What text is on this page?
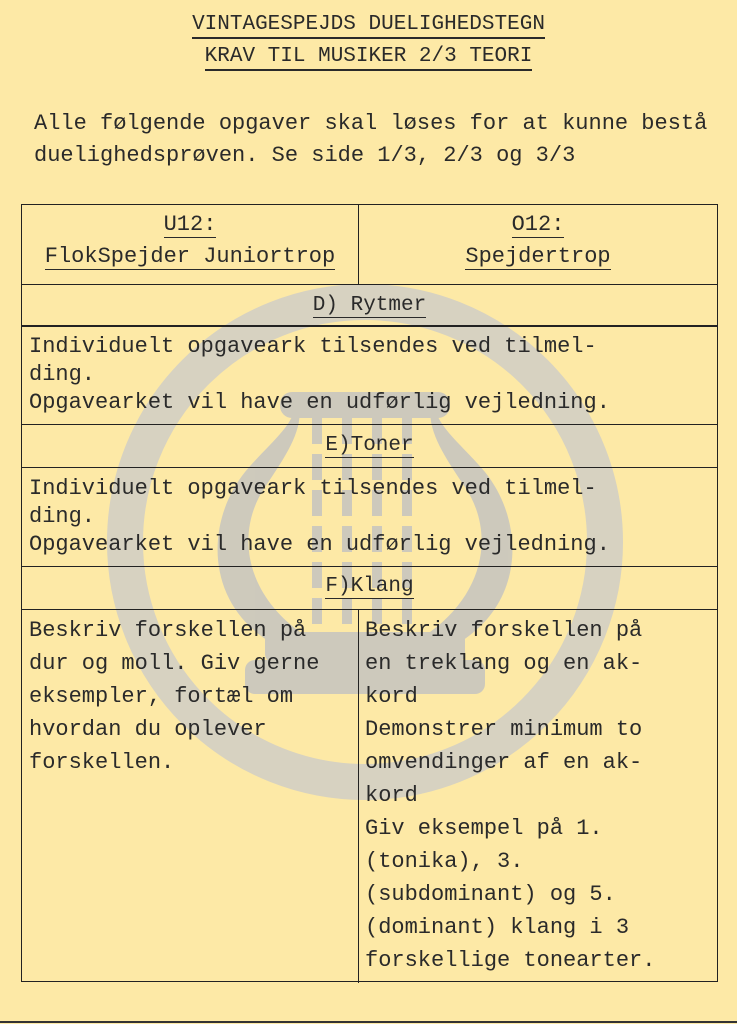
VINTAGESPEJDS DUELIGHEDSTEGN
KRAV TIL MUSIKER 2/3 TEORI
Alle følgende opgaver skal løses for at kunne bestå duelighedsprøven. Se side 1/3, 2/3 og 3/3
U12:
FlokSpejder Juniortrop
O12:
Spejdertrop
D) Rytmer
Individuelt opgaveark tilsendes ved tilmel-
ding.
Opgavearket vil have en udførlig vejledning.
E)Toner
Individuelt opgaveark tilsendes ved tilmel-
ding.
Opgavearket vil have en udførlig vejledning.
F)Klang
Beskriv forskellen på
dur og moll. Giv gerne
eksempler, fortæl om
hvordan du oplever
forskellen.
Beskriv forskellen på
en treklang og en ak-
kord
Demonstrer minimum to
omvendinger af en ak-
kord
Giv eksempel på 1.
(tonika), 3.
(subdominant) og 5.
(dominant) klang i 3
forskellige tonearter.
